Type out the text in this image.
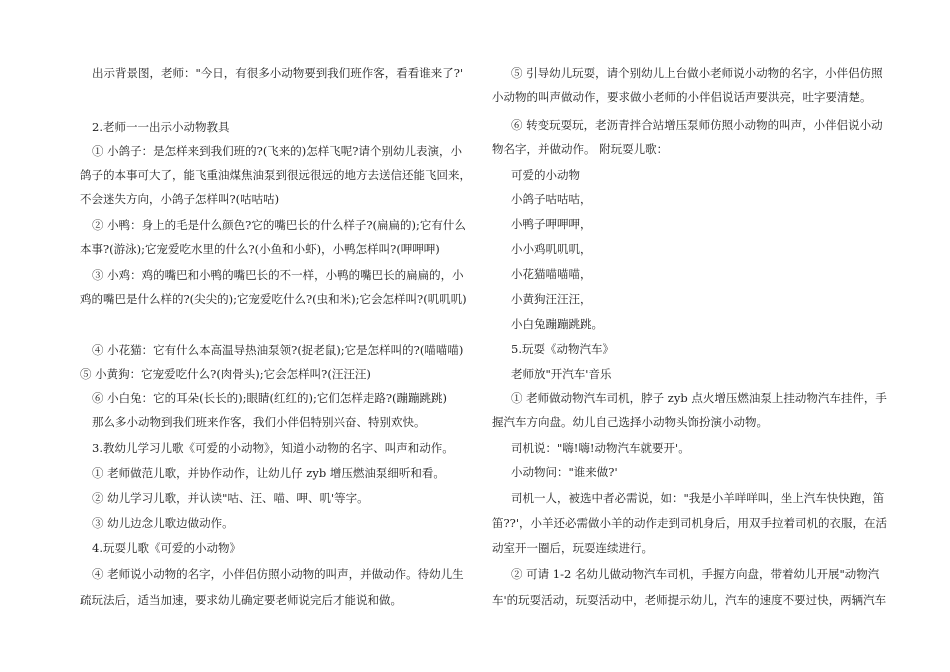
出示背景图，老师："今日，有很多小动物要到我们班作客，看看谁来了?'

2.老师一一出示小动物教具

① 小鸽子：是怎样来到我们班的?(飞来的)怎样飞呢?请个别幼儿表演，小

鸽子的本事可大了，能飞重油煤焦油泵到很远很远的地方去送信还能飞回来，

不会迷失方向，小鸽子怎样叫?(咕咕咕)

② 小鸭：身上的毛是什么颜色?它的嘴巴长的什么样子?(扁扁的);它有什么

本事?(游泳);它宠爱吃水里的什么?(小鱼和小虾)，小鸭怎样叫?(呷呷呷)

③ 小鸡：鸡的嘴巴和小鸭的嘴巴长的不一样，小鸭的嘴巴长的扁扁的，小

鸡的嘴巴是什么样的?(尖尖的);它宠爱吃什么?(虫和米);它会怎样叫?(叽叽叽)

④ 小花猫：它有什么本高温导热油泵领?(捉老鼠);它是怎样叫的?(喵喵喵)

⑤ 小黄狗：它宠爱吃什么?(肉骨头);它会怎样叫?(汪汪汪)

⑥ 小白兔：它的耳朵(长长的);眼睛(红红的);它们怎样走路?(蹦蹦跳跳)

那么多小动物到我们班来作客，我们小伴侣特别兴奋、特别欢快。

3.教幼儿学习儿歌《可爱的小动物》，知道小动物的名字、叫声和动作。

① 老师做范儿歌，并协作动作，让幼儿仔 zyb 增压燃油泵细听和看。

② 幼儿学习儿歌，并认读"咕、汪、喵、呷、叽'等字。

③ 幼儿边念儿歌边做动作。

4.玩耍儿歌《可爱的小动物》

④ 老师说小动物的名字，小伴侣仿照小动物的叫声，并做动作。待幼儿生

疏玩法后，适当加速，要求幼儿确定要老师说完后才能说和做。

⑤ 引导幼儿玩耍，请个别幼儿上台做小老师说小动物的名字，小伴侣仿照

小动物的叫声做动作，要求做小老师的小伴侣说话声要洪亮，吐字要清楚。

⑥ 转变玩耍玩，老沥青拌合站增压泵师仿照小动物的叫声，小伴侣说小动

物名字，并做动作。 附玩耍儿歌：

可爱的小动物

小鸽子咕咕咕，

小鸭子呷呷呷，

小小鸡叽叽叽，

小花猫喵喵喵，

小黄狗汪汪汪，

小白兔蹦蹦跳跳。

5.玩耍《动物汽车》

老师放"开汽车'音乐

① 老师做动物汽车司机，脖子 zyb 点火增压燃油泵上挂动物汽车挂件，手

握汽车方向盘。幼儿自己选择小动物头饰扮演小动物。

司机说："嗨!嗨!动物汽车就要开'。

小动物问："谁来做?'

司机一人，被选中者必需说，如："我是小羊咩咩叫，坐上汽车快快跑，笛

笛??'，小羊还必需做小羊的动作走到司机身后，用双手拉着司机的衣服，在活

动室开一圈后，玩耍连续进行。

② 可请 1-2 名幼儿做动物汽车司机，手握方向盘，带着幼儿开展"动物汽

车'的玩耍活动，玩耍活动中，老师提示幼儿，汽车的速度不要过快，两辆汽车
